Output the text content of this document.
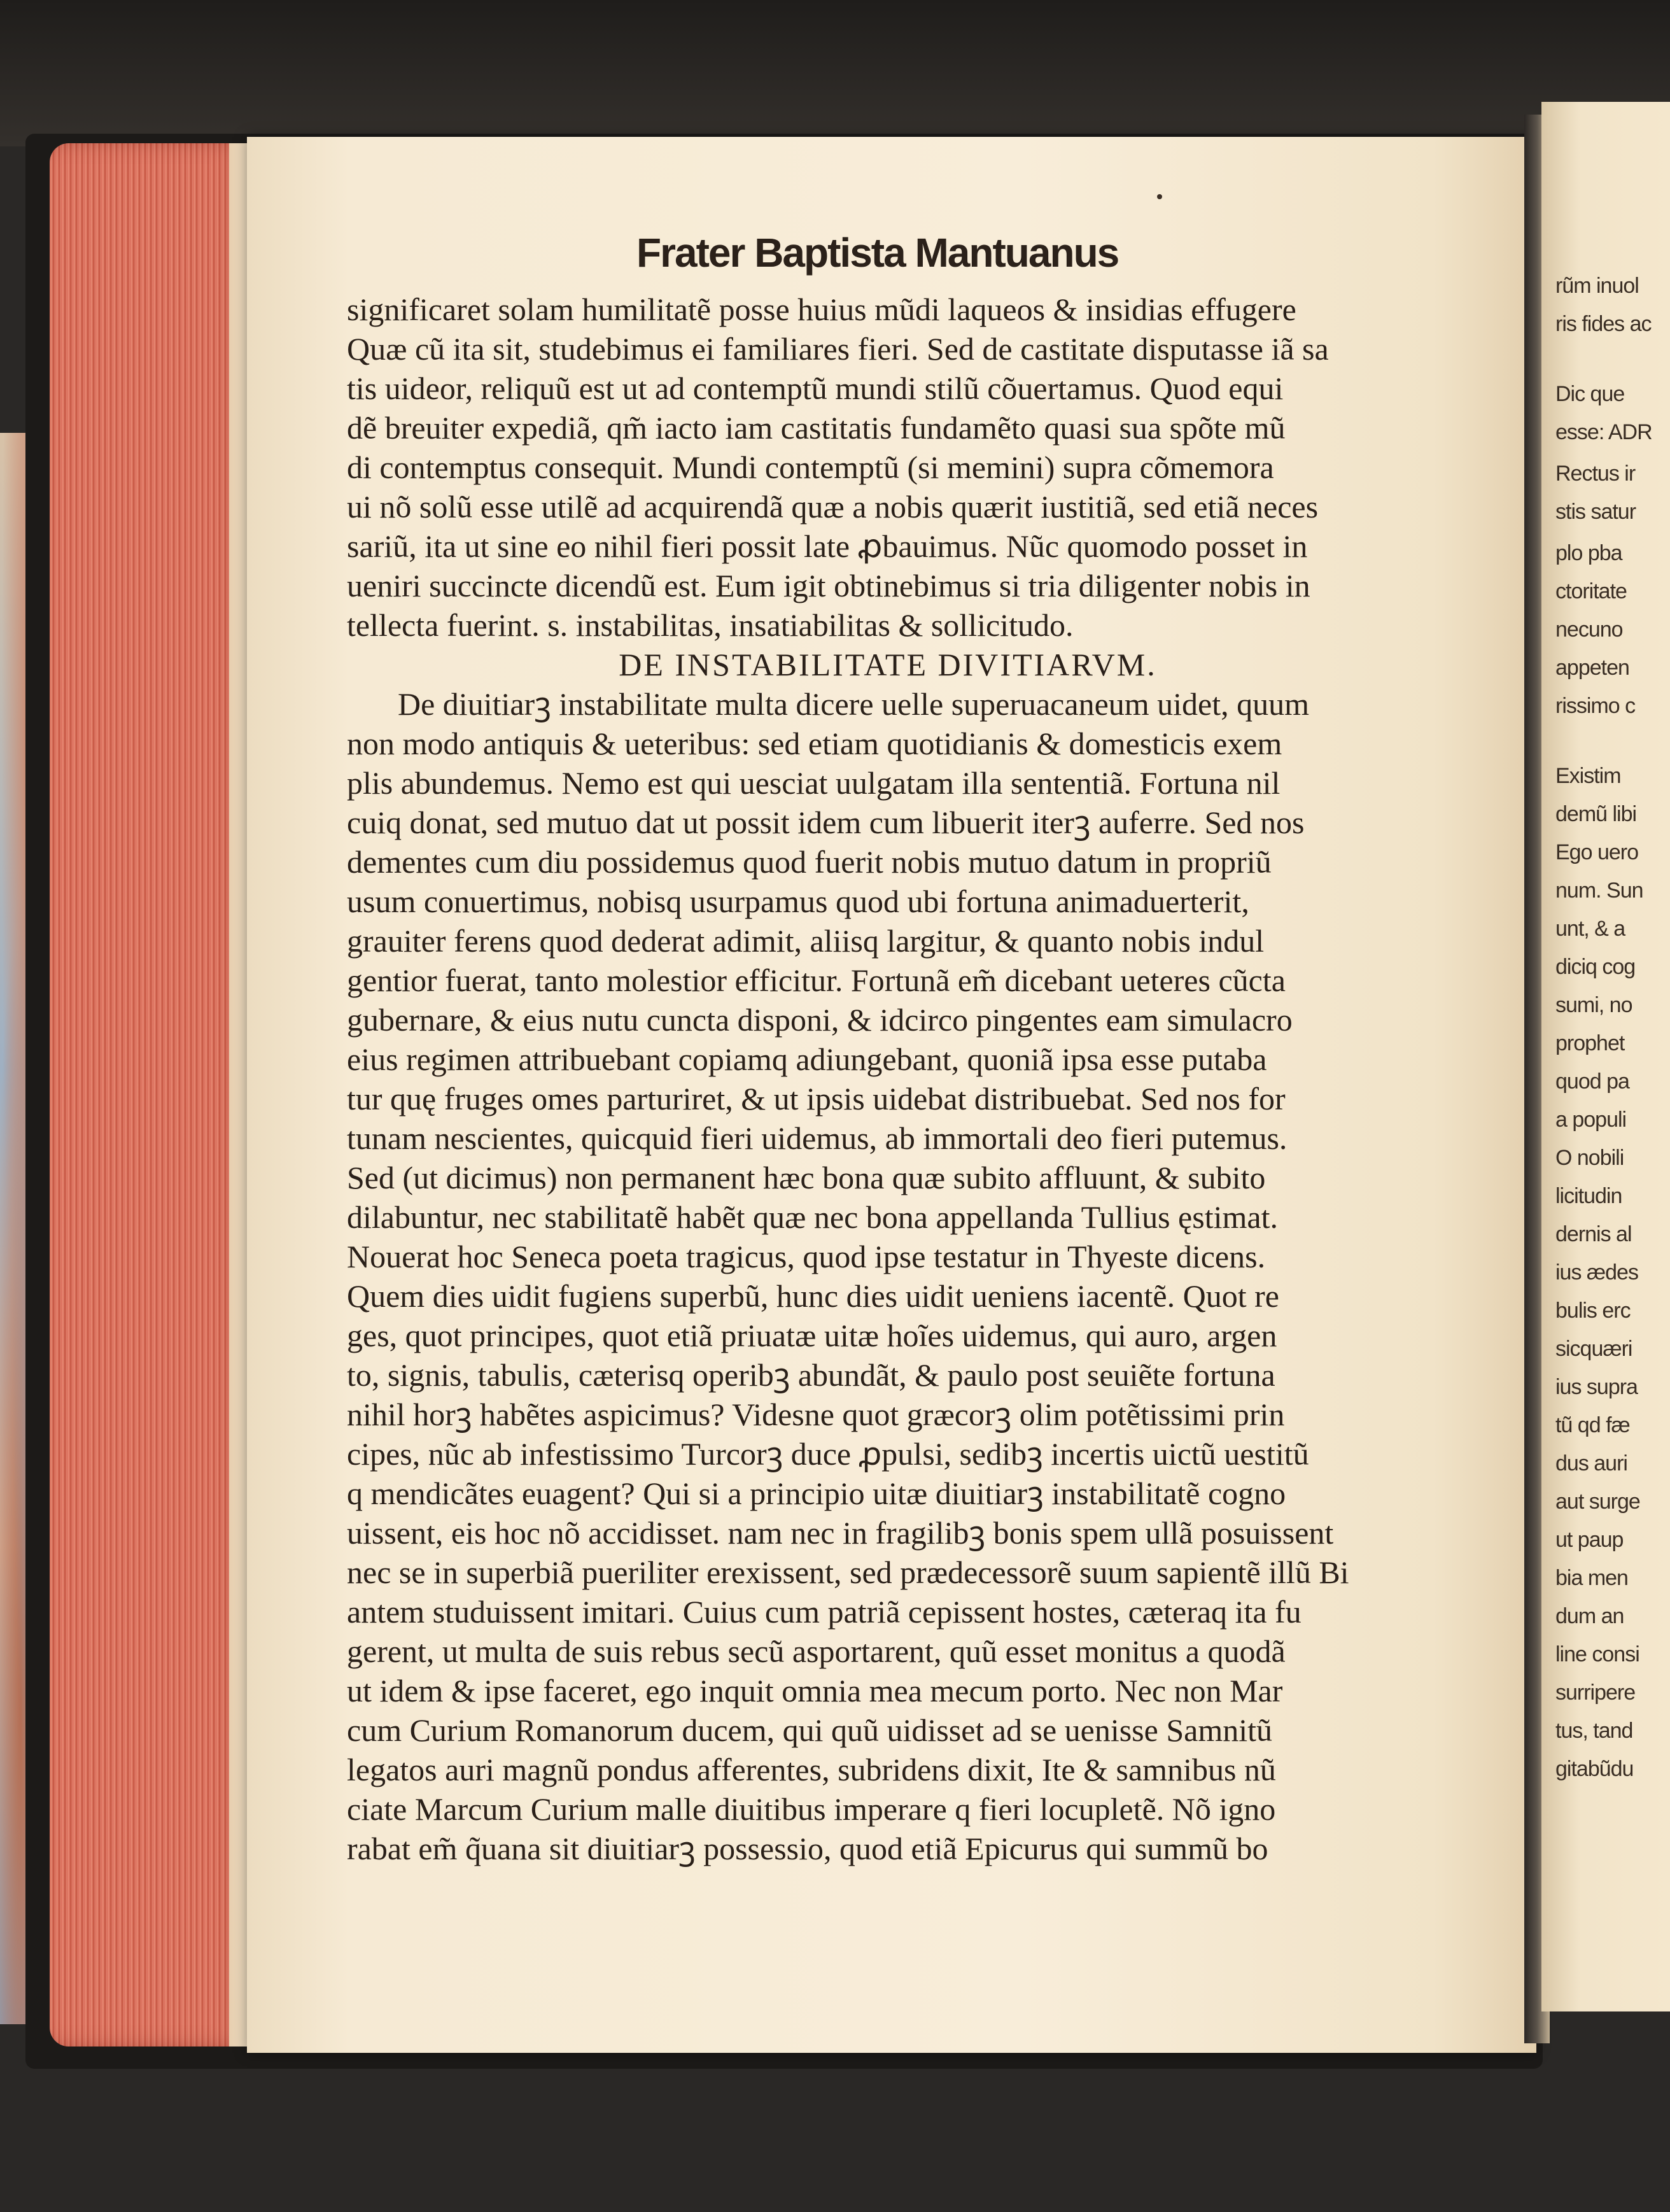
Frater Baptista Mantuanus
significaret solam humilitatẽ posse huius mũdi laqueos & insidias effugere
Quæ cũ ita sit, studebimus ei familiares fieri. Sed de castitate disputasse iã sa
tis uideor, reliquũ est ut ad contemptũ mundi stilũ cõuertamus. Quod equi
dẽ breuiter expediã, qm̃ iacto iam castitatis fundamẽto quasi sua spõte mũ
di contemptus consequit. Mundi contemptũ (si memini) supra cõmemora
ui nõ solũ esse utilẽ ad acquirendã quæ a nobis quærit iustitiã, sed etiã neces
sariũ, ita ut sine eo nihil fieri possit late ꝓbauimus. Nũc quomodo posset in
ueniri succincte dicendũ est. Eum igit obtinebimus si tria diligenter nobis in
tellecta fuerint. s. instabilitas, insatiabilitas & sollicitudo.
DE INSTABILITATE DIVITIARVM.
De diuitiarꝫ instabilitate multa dicere uelle superuacaneum uidet, quum
non modo antiquis & ueteribus: sed etiam quotidianis & domesticis exem
plis abundemus. Nemo est qui uesciat uulgatam illa sententiã. Fortuna nil
cuiq donat, sed mutuo dat ut possit idem cum libuerit iterꝫ auferre. Sed nos
dementes cum diu possidemus quod fuerit nobis mutuo datum in propriũ
usum conuertimus, nobisq usurpamus quod ubi fortuna animaduerterit,
grauiter ferens quod dederat adimit, aliisq largitur, & quanto nobis indul
gentior fuerat, tanto molestior efficitur. Fortunã em̃ dicebant ueteres cũcta
gubernare, & eius nutu cuncta disponi, & idcirco pingentes eam simulacro
eius regimen attribuebant copiamq adiungebant, quoniã ipsa esse putaba
tur quę fruges omes parturiret, & ut ipsis uidebat distribuebat. Sed nos for
tunam nescientes, quicquid fieri uidemus, ab immortali deo fieri putemus.
Sed (ut dicimus) non permanent hæc bona quæ subito affluunt, & subito
dilabuntur, nec stabilitatẽ habẽt quæ nec bona appellanda Tullius ęstimat.
Nouerat hoc Seneca poeta tragicus, quod ipse testatur in Thyeste dicens.
Quem dies uidit fugiens superbũ, hunc dies uidit ueniens iacentẽ. Quot re
ges, quot principes, quot etiã priuatæ uitæ hoĩes uidemus, qui auro, argen
to, signis, tabulis, cæterisq operibꝫ abundãt, & paulo post seuiẽte fortuna
nihil horꝫ habẽtes aspicimus? Videsne quot græcorꝫ olim potẽtissimi prin
cipes, nũc ab infestissimo Turcorꝫ duce ꝓpulsi, sedibꝫ incertis uictũ uestitũ
q mendicãtes euagent? Qui si a principio uitæ diuitiarꝫ instabilitatẽ cogno
uissent, eis hoc nõ accidisset. nam nec in fragilibꝫ bonis spem ullã posuissent
nec se in superbiã pueriliter erexissent, sed prædecessorẽ suum sapientẽ illũ Bi
antem studuissent imitari. Cuius cum patriã cepissent hostes, cæteraq ita fu
gerent, ut multa de suis rebus secũ asportarent, quũ esset monitus a quodã
ut idem & ipse faceret, ego inquit omnia mea mecum porto. Nec non Mar
cum Curium Romanorum ducem, qui quũ uidisset ad se uenisse Samnitũ
legatos auri magnũ pondus afferentes, subridens dixit, Ite & samnibus nũ
ciate Marcum Curium malle diuitibus imperare q fieri locupletẽ. Nõ igno
rabat em̃ q̃uana sit diuitiarꝫ possessio, quod etiã Epicurus qui summũ bo
rũm inuol
ris fides ac
Dic que
esse: ADR
Rectus ir
stis satur
plo pba
ctoritate
necuno
appeten
rissimo c
Existim
demũ libi
Ego uero
num. Sun
unt, & a
diciq cog
sumi, no
prophet
quod pa
a populi
O nobili
licitudin
dernis al
ius ædes
bulis erc
sicquæri
ius supra
tũ qd fæ
dus auri
aut surge
ut paup
bia men
dum an
line consi
surripere
tus, tand
gitabũdu
